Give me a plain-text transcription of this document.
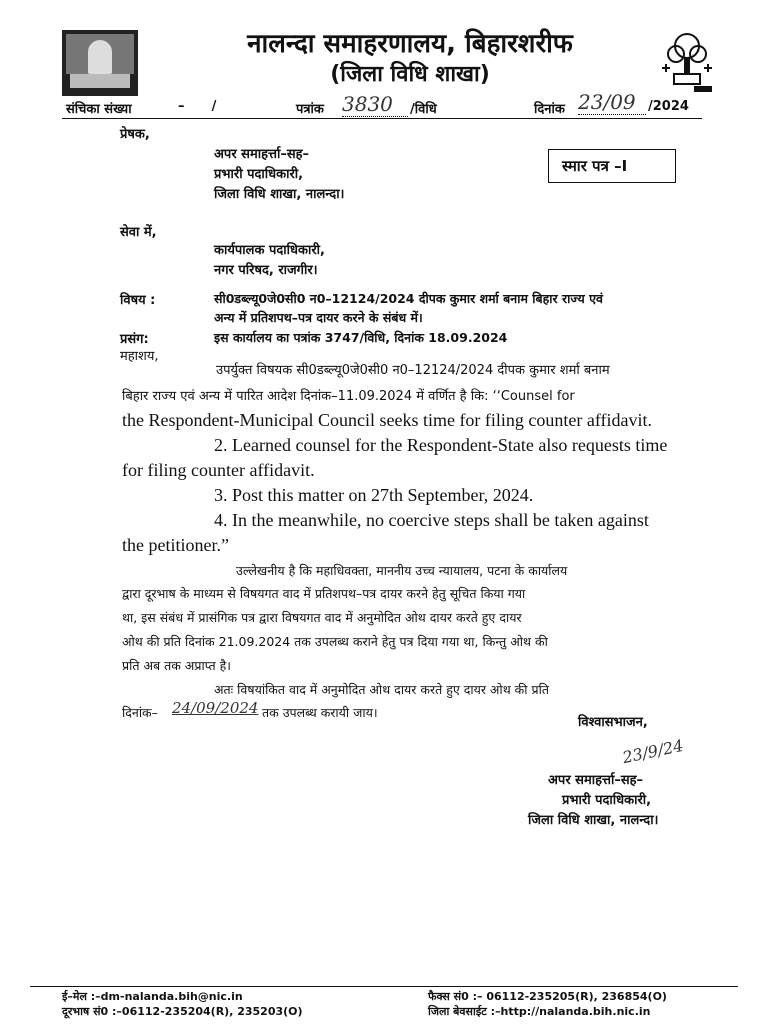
नालन्दा समाहरणालय, बिहारशरीफ
(जिला विधि शाखा)
संचिका संख्या	–      /	पत्रांक 3830	/विधि	दिनांक 23/09 /2024
प्रेषक,
अपर समाहर्त्ता–सह–
प्रभारी पदाधिकारी,
जिला विधि शाखा, नालन्दा।
स्मार पत्र –I
सेवा में,
कार्यपालक पदाधिकारी,
नगर परिषद, राजगीर।
विषय :	सी0डब्ल्यू0जे0सी0 न0–12124/2024 दीपक कुमार शर्मा बनाम बिहार राज्य एवं
अन्य में प्रतिशपथ–पत्र दायर करने के संबंध में।
प्रसंग:	इस कार्यालय का पत्रांक 3747/विधि, दिनांक 18.09.2024
महाशय,
उपर्युक्त विषयक सी0डब्ल्यू0जे0सी0 न0–12124/2024 दीपक कुमार शर्मा बनाम
बिहार राज्य एवं अन्य में पारित आदेश दिनांक–11.09.2024 में वर्णित है कि: ‘‘Counsel for
the Respondent-Municipal Council seeks time for filing counter affidavit.
2. Learned counsel for the Respondent-State also requests time
for filing counter affidavit.
3. Post this matter on 27th September, 2024.
4. In the meanwhile, no coercive steps shall be taken against
the petitioner.”
उल्लेखनीय है कि महाधिवक्ता, माननीय उच्च न्यायालय, पटना के कार्यालय
द्वारा दूरभाष के माध्यम से विषयगत वाद में प्रतिशपथ–पत्र दायर करने हेतु सूचित किया गया
था, इस संबंध में प्रासंगिक पत्र द्वारा विषयगत वाद में अनुमोदित ओथ दायर करते हुए दायर
ओथ की प्रति दिनांक 21.09.2024 तक उपलब्ध कराने हेतु पत्र दिया गया था, किन्तु ओथ की
प्रति अब तक अप्राप्त है।
अतः विषयांकित वाद में अनुमोदित ओथ दायर करते हुए दायर ओथ की प्रति
दिनांक– 24/09/2024 तक उपलब्ध करायी जाय।
विश्वासभाजन,
23/9/24
अपर समाहर्त्ता–सह–
प्रभारी पदाधिकारी,
जिला विधि शाखा, नालन्दा।
ई–मेल :–dm-nalanda.bih@nic.in
दूरभाष सं0 :–06112-235204(R), 235203(O)
फैक्स सं0 :– 06112-235205(R), 236854(O)
जिला बेवसाईट :–http://nalanda.bih.nic.in
